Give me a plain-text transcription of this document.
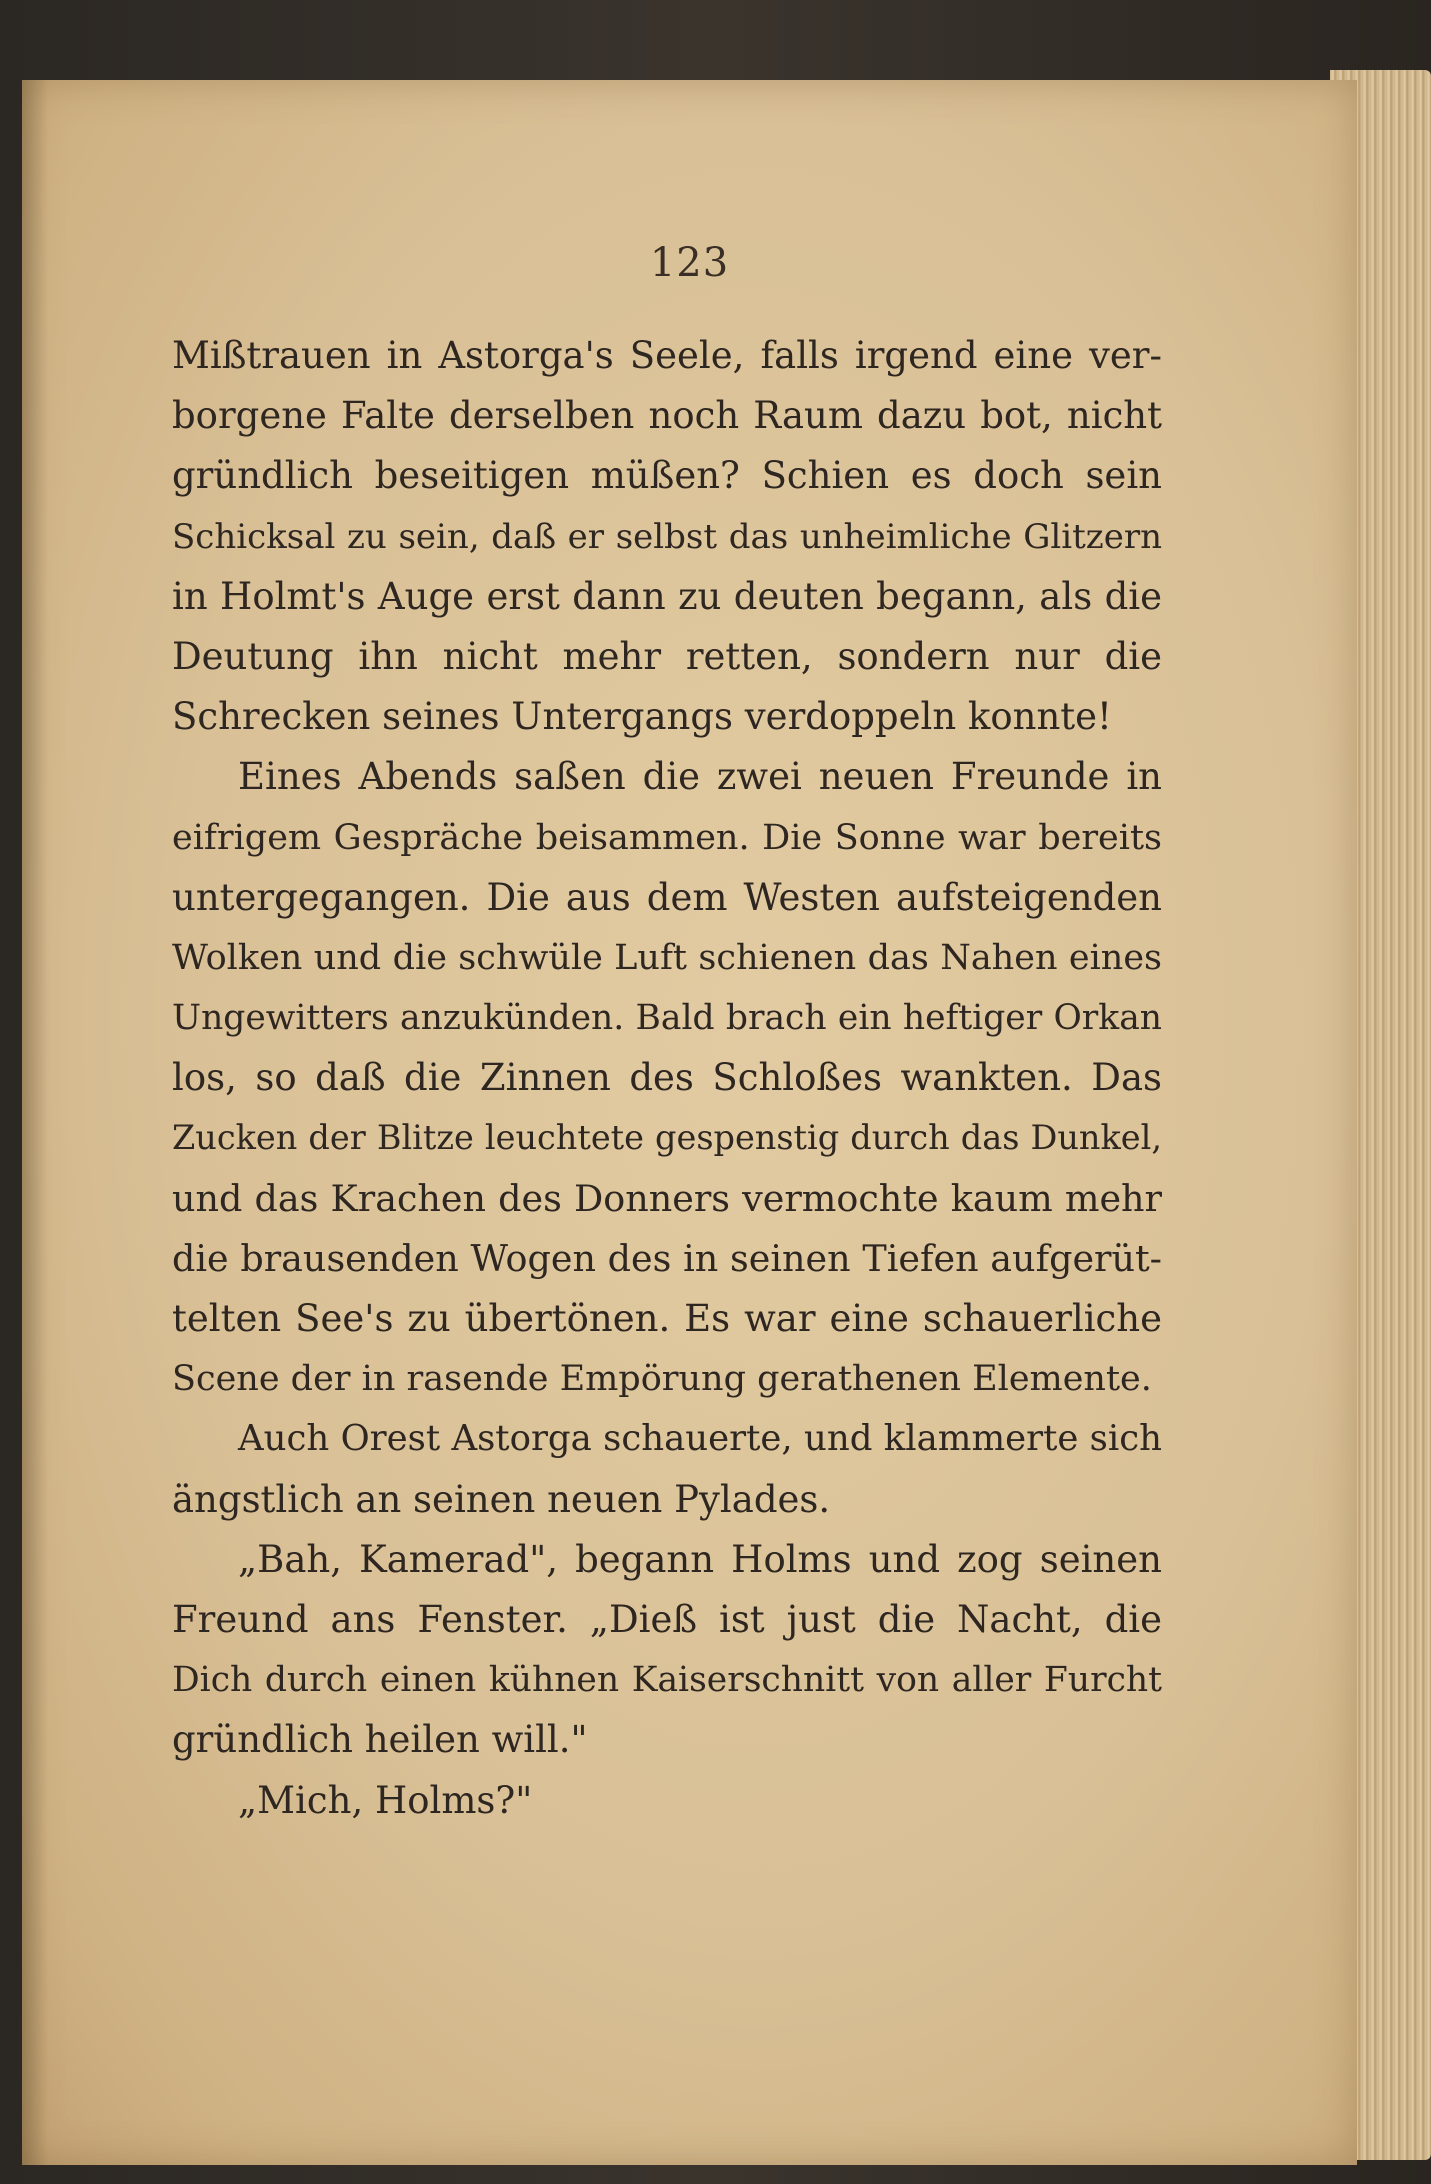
123
Mißtrauen in Astorga's Seele, falls irgend eine ver-
borgene Falte derselben noch Raum dazu bot, nicht
gründlich beseitigen müßen? Schien es doch sein
Schicksal zu sein, daß er selbst das unheimliche Glitzern
in Holmt's Auge erst dann zu deuten begann, als die
Deutung ihn nicht mehr retten, sondern nur die
Schrecken seines Untergangs verdoppeln konnte!
Eines Abends saßen die zwei neuen Freunde in
eifrigem Gespräche beisammen. Die Sonne war bereits
untergegangen. Die aus dem Westen aufsteigenden
Wolken und die schwüle Luft schienen das Nahen eines
Ungewitters anzukünden. Bald brach ein heftiger Orkan
los, so daß die Zinnen des Schloßes wankten. Das
Zucken der Blitze leuchtete gespenstig durch das Dunkel,
und das Krachen des Donners vermochte kaum mehr
die brausenden Wogen des in seinen Tiefen aufgerüt-
telten See's zu übertönen. Es war eine schauerliche
Scene der in rasende Empörung gerathenen Elemente.
Auch Orest Astorga schauerte, und klammerte sich
ängstlich an seinen neuen Pylades.
„Bah, Kamerad", begann Holms und zog seinen
Freund ans Fenster. „Dieß ist just die Nacht, die
Dich durch einen kühnen Kaiserschnitt von aller Furcht
gründlich heilen will."
„Mich, Holms?"
